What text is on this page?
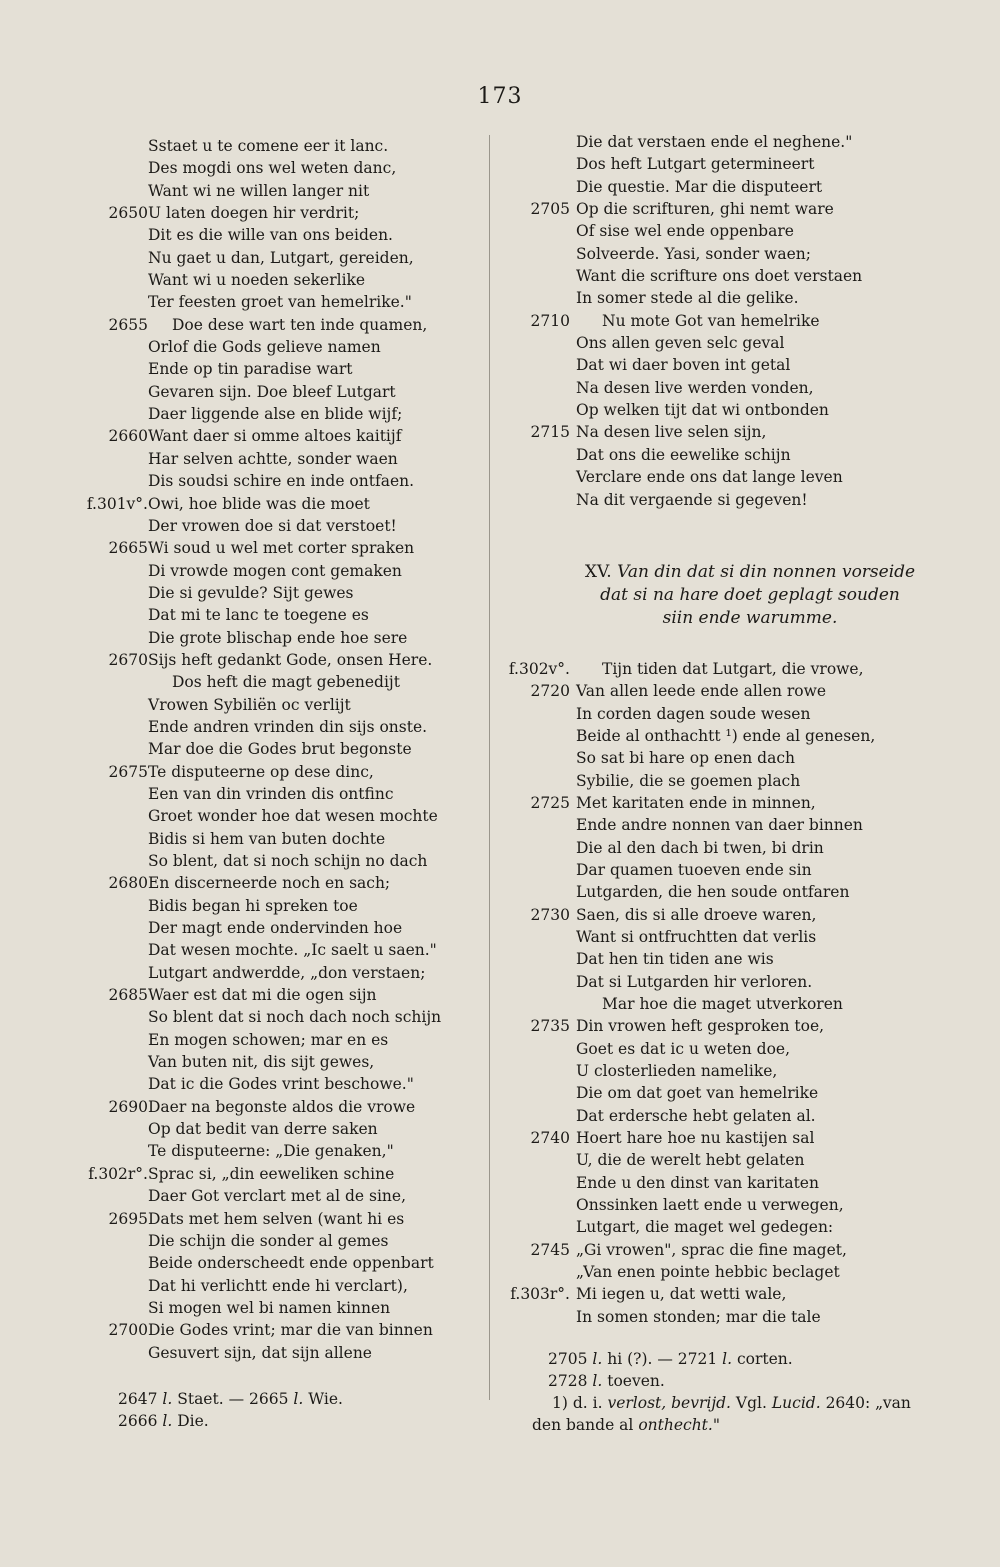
173
Sstaet u te comene eer it lanc.
Des mogdi ons wel weten danc,
Want wi ne willen langer nit
2650 U laten doegen hir verdrit;
Dit es die wille van ons beiden.
Nu gaet u dan, Lutgart, gereiden,
Want wi u noeden sekerlike
Ter feesten groet van hemelrike."
2655 Doe dese wart ten inde quamen,
Orlof die Gods gelieve namen
Ende op tin paradise wart
Gevaren sijn. Doe bleef Lutgart
Daer liggende alse en blide wijf;
2660 Want daer si omme altoes kaitijf
Har selven achtte, sonder waen
Dis soudsi schire en inde ontfaen.
f.301v°. Owi, hoe blide was die moet
Der vrowen doe si dat verstoet!
2665 Wi soud u wel met corter spraken
Di vrowde mogen cont gemaken
Die si gevulde? Sijt gewes
Dat mi te lanc te toegene es
Die grote blischap ende hoe sere
2670 Sijs heft gedankt Gode, onsen Here.
Dos heft die magt gebenedijt
Vrowen Sybiliën oc verlijt
Ende andren vrinden din sijs onste.
Mar doe die Godes brut begonste
2675 Te disputeerne op dese dinc,
Een van din vrinden dis ontfinc
Groet wonder hoe dat wesen mochte
Bidis si hem van buten dochte
So blent, dat si noch schijn no dach
2680 En discerneerde noch en sach;
Bidis began hi spreken toe
Der magt ende ondervinden hoe
Dat wesen mochte. „Ic saelt u saen."
Lutgart andwerdde, „don verstaen;
2685 Waer est dat mi die ogen sijn
So blent dat si noch dach noch schijn
En mogen schowen; mar en es
Van buten nit, dis sijt gewes,
Dat ic die Godes vrint beschowe."
2690 Daer na begonste aldos die vrowe
Op dat bedit van derre saken
Te disputeerne: „Die genaken,"
f.302r°. Sprac si, „din eeweliken schine
Daer Got verclart met al de sine,
2695 Dats met hem selven (want hi es
Die schijn die sonder al gemes
Beide onderscheedt ende oppenbart
Dat hi verlichtt ende hi verclart),
Si mogen wel bi namen kinnen
2700 Die Godes vrint; mar die van binnen
Gesuvert sijn, dat sijn allene
2647 l. Staet. — 2665 l. Wie.
2666 l. Die.
Die dat verstaen ende el neghene."
Dos heft Lutgart getermineert
Die questie. Mar die disputeert
2705 Op die scrifturen, ghi nemt ware
Of sise wel ende oppenbare
Solveerde. Yasi, sonder waen;
Want die scrifture ons doet verstaen
In somer stede al die gelike.
2710 Nu mote Got van hemelrike
Ons allen geven selc geval
Dat wi daer boven int getal
Na desen live werden vonden,
Op welken tijt dat wi ontbonden
2715 Na desen live selen sijn,
Dat ons die eewelike schijn
Verclare ende ons dat lange leven
Na dit vergaende si gegeven!
XV. Van din dat si din nonnen vorseide
dat si na hare doet geplagt souden
siin ende warumme.
f.302v°. Tijn tiden dat Lutgart, die vrowe,
2720 Van allen leede ende allen rowe
In corden dagen soude wesen
Beide al onthachtt ¹) ende al genesen,
So sat bi hare op enen dach
Sybilie, die se goemen plach
2725 Met karitaten ende in minnen,
Ende andre nonnen van daer binnen
Die al den dach bi twen, bi drin
Dar quamen tuoeven ende sin
Lutgarden, die hen soude ontfaren
2730 Saen, dis si alle droeve waren,
Want si ontfruchtten dat verlis
Dat hen tin tiden ane wis
Dat si Lutgarden hir verloren.
Mar hoe die maget utverkoren
2735 Din vrowen heft gesproken toe,
Goet es dat ic u weten doe,
U closterlieden namelike,
Die om dat goet van hemelrike
Dat erdersche hebt gelaten al.
2740 Hoert hare hoe nu kastijen sal
U, die de werelt hebt gelaten
Ende u den dinst van karitaten
Onssinken laett ende u verwegen,
Lutgart, die maget wel gedegen:
2745 „Gi vrowen", sprac die fine maget,
„Van enen pointe hebbic beclaget
f.303r°. Mi iegen u, dat wetti wale,
In somen stonden; mar die tale
2705 l. hi (?). — 2721 l. corten.
2728 l. toeven.
1) d. i. verlost, bevrijd. Vgl. Lucid. 2640: „van
den bande al onthecht."
